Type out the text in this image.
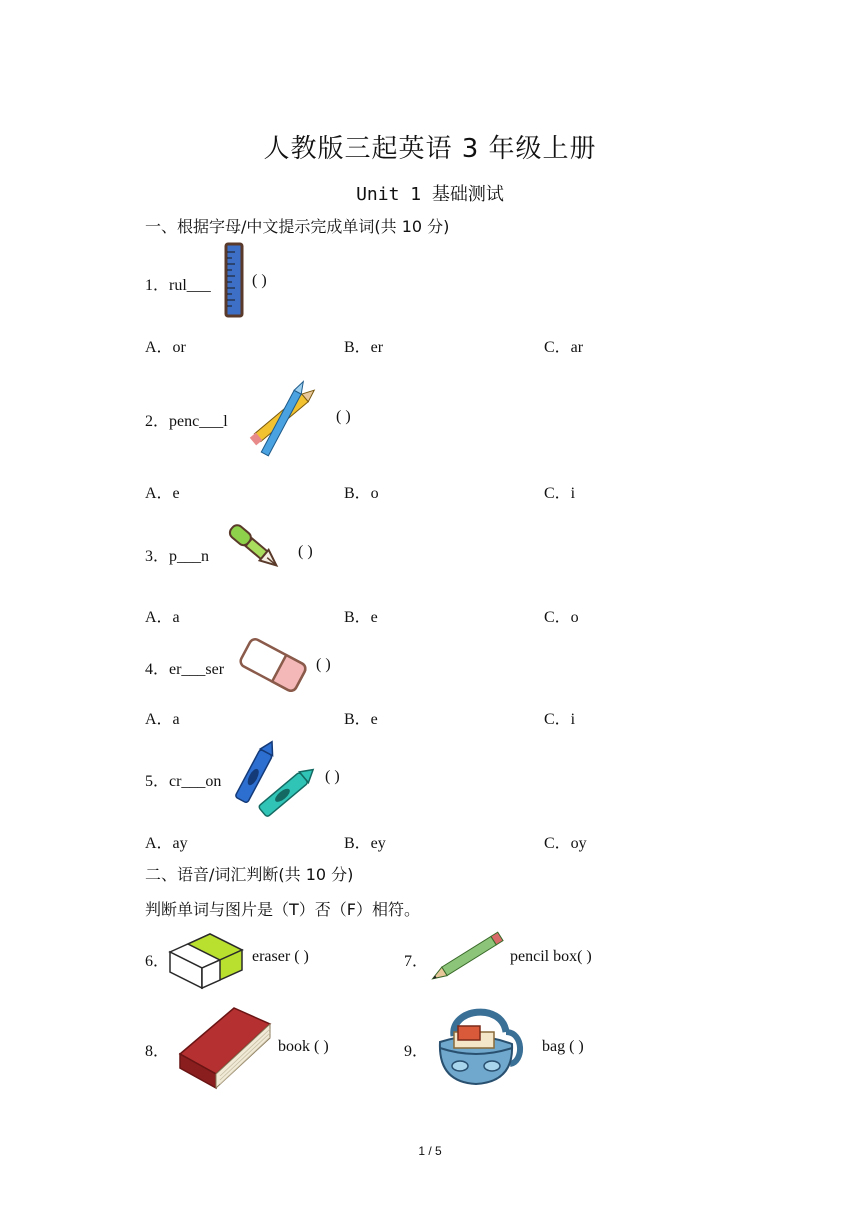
人教版三起英语 3 年级上册
Unit 1 基础测试
一、根据字母/中文提示完成单词(共 10 分)
1．rul___	( )
A．or	B．er	C．ar
2．penc___l	( )
A．e	B．o	C．i
3．p___n	( )
A．a	B．e	C．o
4．er___ser	( )
A．a	B．e	C．i
5．cr___on	( )
A．ay	B．ey	C．oy
二、语音/词汇判断(共 10 分)
判断单词与图片是（T）否（F）相符。
6．	eraser ( )	7．	pencil box( )
8．	book ( )	9．	bag ( )
1 / 5
